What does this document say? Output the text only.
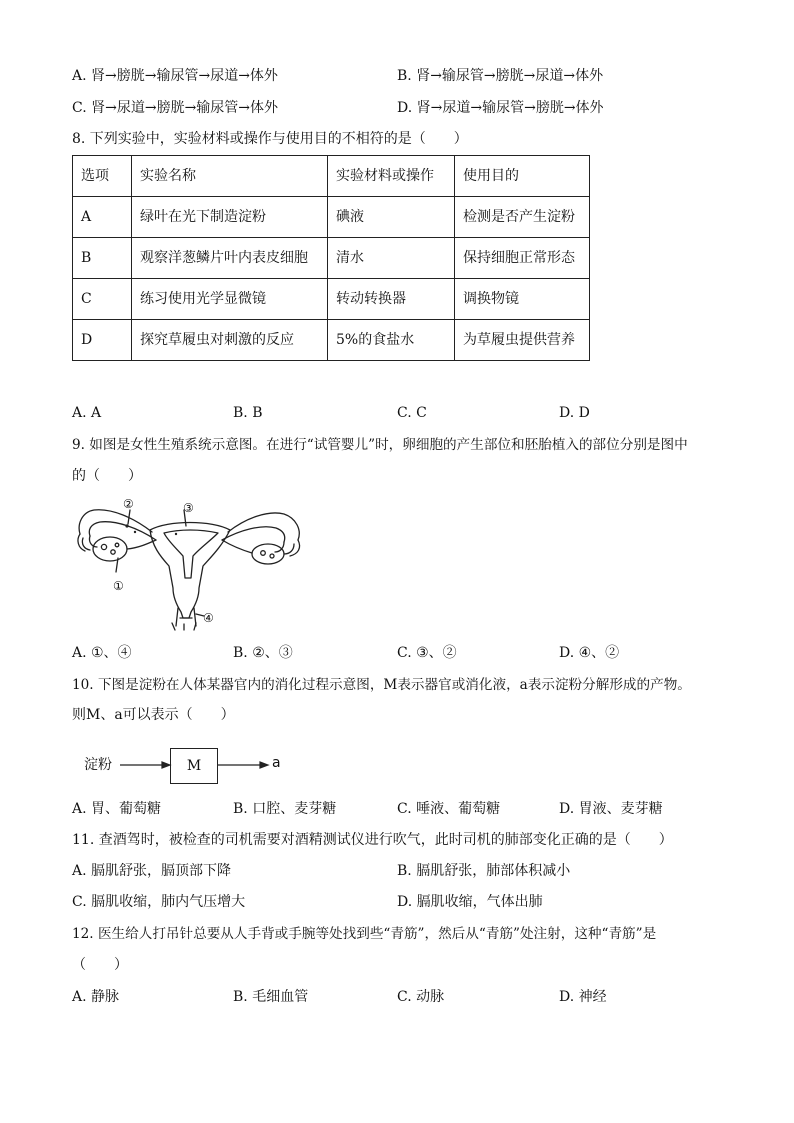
A. 肾→膀胱→输尿管→尿道→体外	B. 肾→输尿管→膀胱→尿道→体外
C. 肾→尿道→膀胱→输尿管→体外	D. 肾→尿道→输尿管→膀胱→体外
8. 下列实验中，实验材料或操作与使用目的不相符的是（　　）
选项	实验名称	实验材料或操作	使用目的
A	绿叶在光下制造淀粉	碘液	检测是否产生淀粉
B	观察洋葱鳞片叶内表皮细胞	清水	保持细胞正常形态
C	练习使用光学显微镜	转动转换器	调换物镜
D	探究草履虫对刺激的反应	5%的食盐水	为草履虫提供营养
A. A	B. B	C. C	D. D
9. 如图是女性生殖系统示意图。在进行“试管婴儿”时，卵细胞的产生部位和胚胎植入的部位分别是图中
的（　　）
②	③
①
④
A. ①、④	B. ②、③	C. ③、②	D. ④、②
10. 下图是淀粉在人体某器官内的消化过程示意图，M表示器官或消化液，a表示淀粉分解形成的产物。
则M、a可以表示（　　）
淀粉	M	a
A. 胃、葡萄糖	B. 口腔、麦芽糖	C. 唾液、葡萄糖	D. 胃液、麦芽糖
11. 查酒驾时，被检查的司机需要对酒精测试仪进行吹气，此时司机的肺部变化正确的是（　　）
A. 膈肌舒张，膈顶部下降	B. 膈肌舒张，肺部体积减小
C. 膈肌收缩，肺内气压增大	D. 膈肌收缩，气体出肺
12. 医生给人打吊针总要从人手背或手腕等处找到些“青筋”，然后从“青筋”处注射，这种“青筋”是
（　　）
A. 静脉	B. 毛细血管	C. 动脉	D. 神经
